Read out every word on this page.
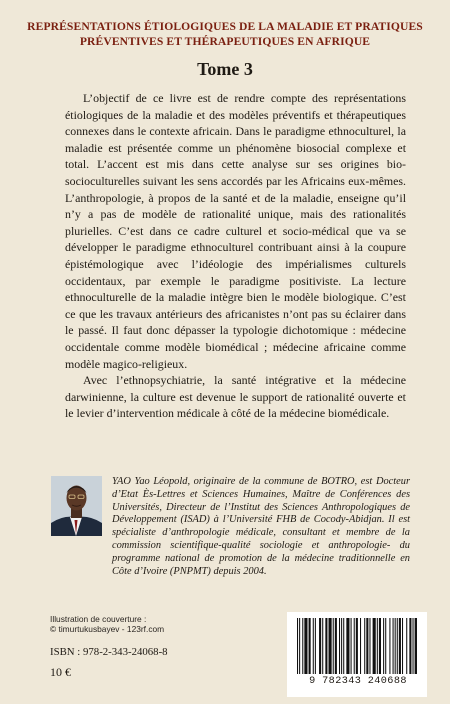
REPRÉSENTATIONS ÉTIOLOGIQUES DE LA MALADIE ET PRATIQUES
PRÉVENTIVES ET THÉRAPEUTIQUES EN AFRIQUE
Tome 3

L’objectif de ce livre est de rendre compte des représentations étiologiques de la maladie et des modèles préventifs et thérapeutiques connexes dans le contexte africain. Dans le paradigme ethnoculturel, la maladie est présentée comme un phénomène biosocial complexe et total. L’accent est mis dans cette analyse sur ses origines bio-socioculturelles suivant les sens accordés par les Africains eux-mêmes. L’anthropologie, à propos de la santé et de la maladie, enseigne qu’il n’y a pas de modèle de rationalité unique, mais des rationalités plurielles. C’est dans ce cadre culturel et socio-médical que va se développer le paradigme ethnoculturel contribuant ainsi à la coupure épistémologique avec l’idéologie des impérialismes culturels occidentaux, par exemple le paradigme positiviste. La lecture ethnoculturelle de la maladie intègre bien le modèle biologique. C’est ce que les travaux antérieurs des africanistes n’ont pas su éclairer dans le passé. Il faut donc dépasser la typologie dichotomique : médecine occidentale comme modèle biomédical ; médecine africaine comme modèle magico-religieux.

Avec l’ethnopsychiatrie, la santé intégrative et la médecine darwinienne, la culture est devenue le support de rationalité ouverte et le levier d’intervention médicale à côté de la médecine biomédicale.

YAO Yao Léopold, originaire de la commune de BOTRO, est Docteur d’Etat Ès-Lettres et Sciences Humaines, Maître de Conférences des Universités, Directeur de l’Institut des Sciences Anthropologiques de Développement (ISAD) à l’Université FHB de Cocody-Abidjan. Il est spécialiste d’anthropologie médicale, consultant et membre de la commission scientifique-qualité sociologie et anthropologie- du programme national de promotion de la médecine traditionnelle en Côte d’Ivoire (PNPMT) depuis 2004.
Illustration de couverture :
© timurtukusbayev - 123rf.com
ISBN : 978-2-343-24068-8
10 €
9 782343 240688
